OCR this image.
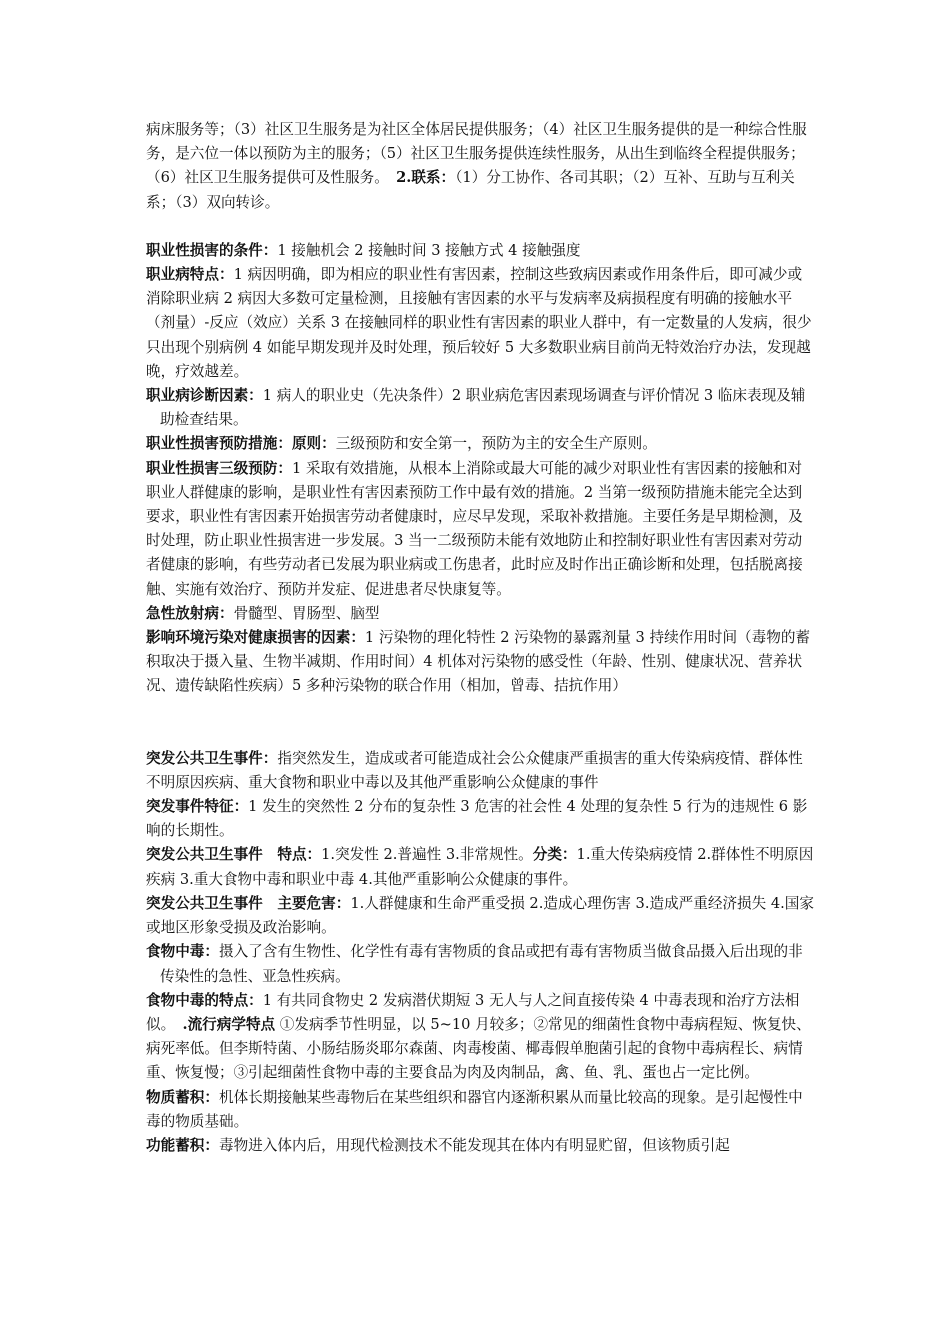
病床服务等；（3）社区卫生服务是为社区全体居民提供服务；（4）社区卫生服务提供的是一种综合性服务，是六位一体以预防为主的服务；（5）社区卫生服务提供连续性服务，从出生到临终全程提供服务；（6）社区卫生服务提供可及性服务。　2.联系：（1）分工协作、各司其职；（2）互补、互助与互利关系；（3）双向转诊。

职业性损害的条件：1 接触机会 2 接触时间 3 接触方式 4 接触强度

职业病特点：1 病因明确，即为相应的职业性有害因素，控制这些致病因素或作用条件后，即可减少或消除职业病 2 病因大多数可定量检测，且接触有害因素的水平与发病率及病损程度有明确的接触水平（剂量）-反应（效应）关系 3 在接触同样的职业性有害因素的职业人群中，有一定数量的人发病，很少只出现个别病例 4 如能早期发现并及时处理，预后较好 5 大多数职业病目前尚无特效治疗办法，发现越晚，疗效越差。

职业病诊断因素：1 病人的职业史（先决条件）2 职业病危害因素现场调查与评价情况 3 临床表现及辅助检查结果。

职业性损害预防措施：原则：三级预防和安全第一，预防为主的安全生产原则。

职业性损害三级预防：1 采取有效措施，从根本上消除或最大可能的减少对职业性有害因素的接触和对职业人群健康的影响，是职业性有害因素预防工作中最有效的措施。2 当第一级预防措施未能完全达到要求，职业性有害因素开始损害劳动者健康时，应尽早发现，采取补救措施。主要任务是早期检测，及时处理，防止职业性损害进一步发展。3 当一二级预防未能有效地防止和控制好职业性有害因素对劳动者健康的影响，有些劳动者已发展为职业病或工伤患者，此时应及时作出正确诊断和处理，包括脱离接触、实施有效治疗、预防并发症、促进患者尽快康复等。

急性放射病：骨髓型、胃肠型、脑型

影响环境污染对健康损害的因素：1 污染物的理化特性 2 污染物的暴露剂量 3 持续作用时间（毒物的蓄积取决于摄入量、生物半减期、作用时间）4 机体对污染物的感受性（年龄、性别、健康状况、营养状况、遗传缺陷性疾病）5 多种污染物的联合作用（相加，曾毒、拮抗作用）

突发公共卫生事件：指突然发生，造成或者可能造成社会公众健康严重损害的重大传染病疫情、群体性不明原因疾病、重大食物和职业中毒以及其他严重影响公众健康的事件

突发事件特征：1 发生的突然性 2 分布的复杂性 3 危害的社会性 4 处理的复杂性 5 行为的违规性 6 影响的长期性。

突发公共卫生事件　特点：1.突发性 2.普遍性 3.非常规性。分类：1.重大传染病疫情 2.群体性不明原因疾病 3.重大食物中毒和职业中毒 4.其他严重影响公众健康的事件。

突发公共卫生事件　主要危害：1.人群健康和生命严重受损 2.造成心理伤害 3.造成严重经济损失 4.国家或地区形象受损及政治影响。

食物中毒：摄入了含有生物性、化学性有毒有害物质的食品或把有毒有害物质当做食品摄入后出现的非传染性的急性、亚急性疾病。

食物中毒的特点：1 有共同食物史 2 发病潜伏期短 3 无人与人之间直接传染 4 中毒表现和治疗方法相似。　.流行病学特点 ①发病季节性明显，以 5~10 月较多；②常见的细菌性食物中毒病程短、恢复快、病死率低。但李斯特菌、小肠结肠炎耶尔森菌、肉毒梭菌、椰毒假单胞菌引起的食物中毒病程长、病情重、恢复慢；③引起细菌性食物中毒的主要食品为肉及肉制品，禽、鱼、乳、蛋也占一定比例。

物质蓄积：机体长期接触某些毒物后在某些组织和器官内逐渐积累从而量比较高的现象。是引起慢性中毒的物质基础。

功能蓄积：毒物进入体内后，用现代检测技术不能发现其在体内有明显贮留，但该物质引起
